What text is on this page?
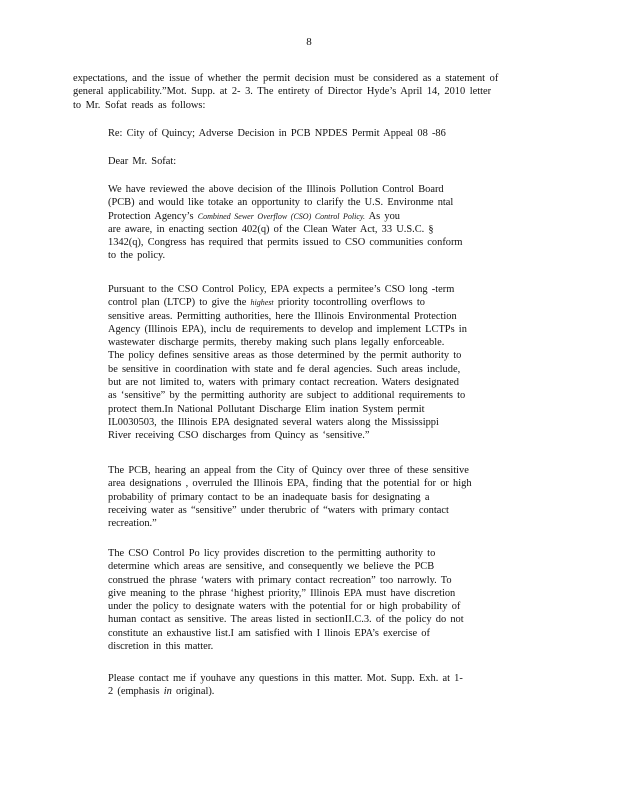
8
expectations, and the issue of whether the permit decision must be considered as a statement of
general applicability.”Mot. Supp. at 2- 3. The entirety of Director Hyde’s April 14, 2010 letter
to Mr. Sofat reads as follows:

Re: City of Quincy; Adverse Decision in PCB NPDES Permit Appeal 08 -86

Dear Mr. Sofat:

We have reviewed the above decision of the Illinois Pollution Control Board
(PCB) and would like totake an opportunity to clarify the U.S. Environme ntal
Protection Agency’s Combined Sewer Overflow (CSO) Control Policy. As you
are aware, in enacting section 402(q) of the Clean Water Act, 33 U.S.C. §
1342(q), Congress has required that permits issued to CSO communities conform
to the policy.
Pursuant to the CSO Control Policy, EPA expects a permitee’s CSO long -term
control plan (LTCP) to give the highest priority tocontrolling overflows to
sensitive areas. Permitting authorities, here the Illinois Environmental Protection
Agency (Illinois EPA), inclu de requirements to develop and implement LCTPs in
wastewater discharge permits, thereby making such plans legally enforceable.
The policy defines sensitive areas as those determined by the permit authority to
be sensitive in coordination with state and fe deral agencies. Such areas include,
but are not limited to, waters with primary contact recreation. Waters designated
as ‘sensitive” by the permitting authority are subject to additional requirements to
protect them.In National Pollutant Discharge Elim ination System permit
IL0030503, the Illinois EPA designated several waters along the Mississippi
River receiving CSO discharges from Quincy as ‘sensitive.”
The PCB, hearing an appeal from the City of Quincy over three of these sensitive
area designations , overruled the Illinois EPA, finding that the potential for or high
probability of primary contact to be an inadequate basis for designating a
receiving water as “sensitive” under therubric of “waters with primary contact
recreation.”
The CSO Control Po licy provides discretion to the permitting authority to
determine which areas are sensitive, and consequently we believe the PCB
construed the phrase ‘waters with primary contact recreation” too narrowly. To
give meaning to the phrase ‘highest priority,” Illinois EPA must have discretion
under the policy to designate waters with the potential for or high probability of
human contact as sensitive. The areas listed in sectionII.C.3. of the policy do not
constitute an exhaustive list.I am satisfied with I llinois EPA’s exercise of
discretion in this matter.
Please contact me if youhave any questions in this matter. Mot. Supp. Exh. at 1-
2 (emphasis in original).
